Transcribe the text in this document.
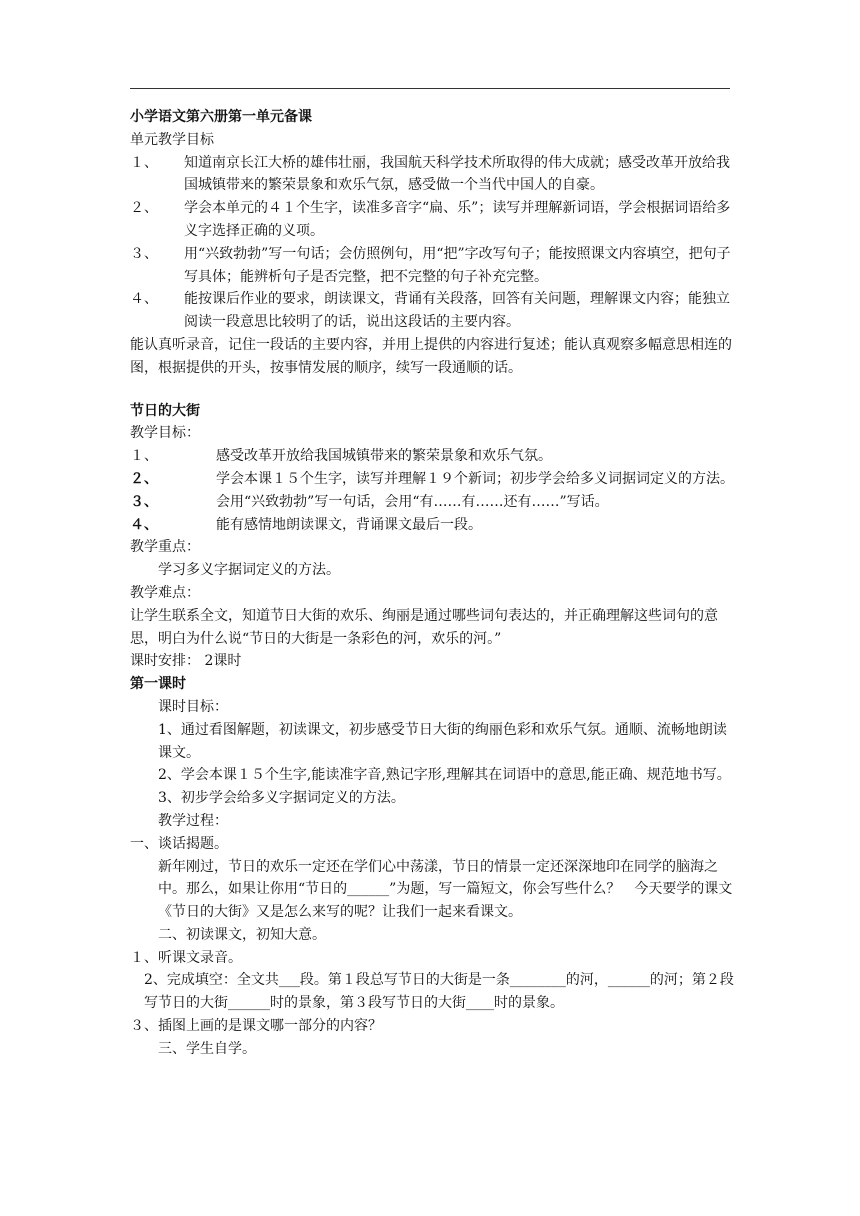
小学语文第六册第一单元备课

单元教学目标

１、	知道南京长江大桥的雄伟壮丽，我国航天科学技术所取得的伟大成就；感受改革开放给我国城镇带来的繁荣景象和欢乐气氛，感受做一个当代中国人的自豪。
２、	学会本单元的４１个生字，读准多音字“扁、乐”；读写并理解新词语，学会根据词语给多义字选择正确的义项。
３、	用“兴致勃勃”写一句话；会仿照例句，用“把”字改写句子；能按照课文内容填空，把句子写具体；能辨析句子是否完整，把不完整的句子补充完整。
４、	能按课后作业的要求，朗读课文，背诵有关段落，回答有关问题，理解课文内容；能独立阅读一段意思比较明了的话，说出这段话的主要内容。

能认真听录音，记住一段话的主要内容，并用上提供的内容进行复述；能认真观察多幅意思相连的图，根据提供的开头，按事情发展的顺序，续写一段通顺的话。

节日的大街

教学目标：

１、	感受改革开放给我国城镇带来的繁荣景象和欢乐气氛。
２、	学会本课１５个生字，读写并理解１９个新词；初步学会给多义词据词定义的方法。
３、	会用“兴致勃勃”写一句话，会用“有……有……还有……”写话。
４、	能有感情地朗读课文，背诵课文最后一段。

教学重点：

学习多义字据词定义的方法。

教学难点：

让学生联系全文，知道节日大街的欢乐、绚丽是通过哪些词句表达的，并正确理解这些词句的意思，明白为什么说“节日的大街是一条彩色的河，欢乐的河。”

课时安排： 2课时

第一课时

课时目标：

1、通过看图解题，初读课文，初步感受节日大街的绚丽色彩和欢乐气氛。通顺、流畅地朗读课文。

2、学会本课１５个生字,能读准字音,熟记字形,理解其在词语中的意思,能正确、规范地书写。

3、初步学会给多义字据词定义的方法。

教学过程：

一、谈话揭题。

新年刚过，节日的欢乐一定还在学们心中荡漾，节日的情景一定还深深地印在同学的脑海之中。那么，如果让你用“节日的______”为题，写一篇短文，你会写些什么？　今天要学的课文《节日的大街》又是怎么来写的呢？让我们一起来看课文。

二、初读课文，初知大意。

１、听课文录音。

2、完成填空：全文共___段。第１段总写节日的大街是一条________的河，______的河；第２段写节日的大街______时的景象，第３段写节日的大街____时的景象。

３、插图上画的是课文哪一部分的内容？

三、学生自学。
